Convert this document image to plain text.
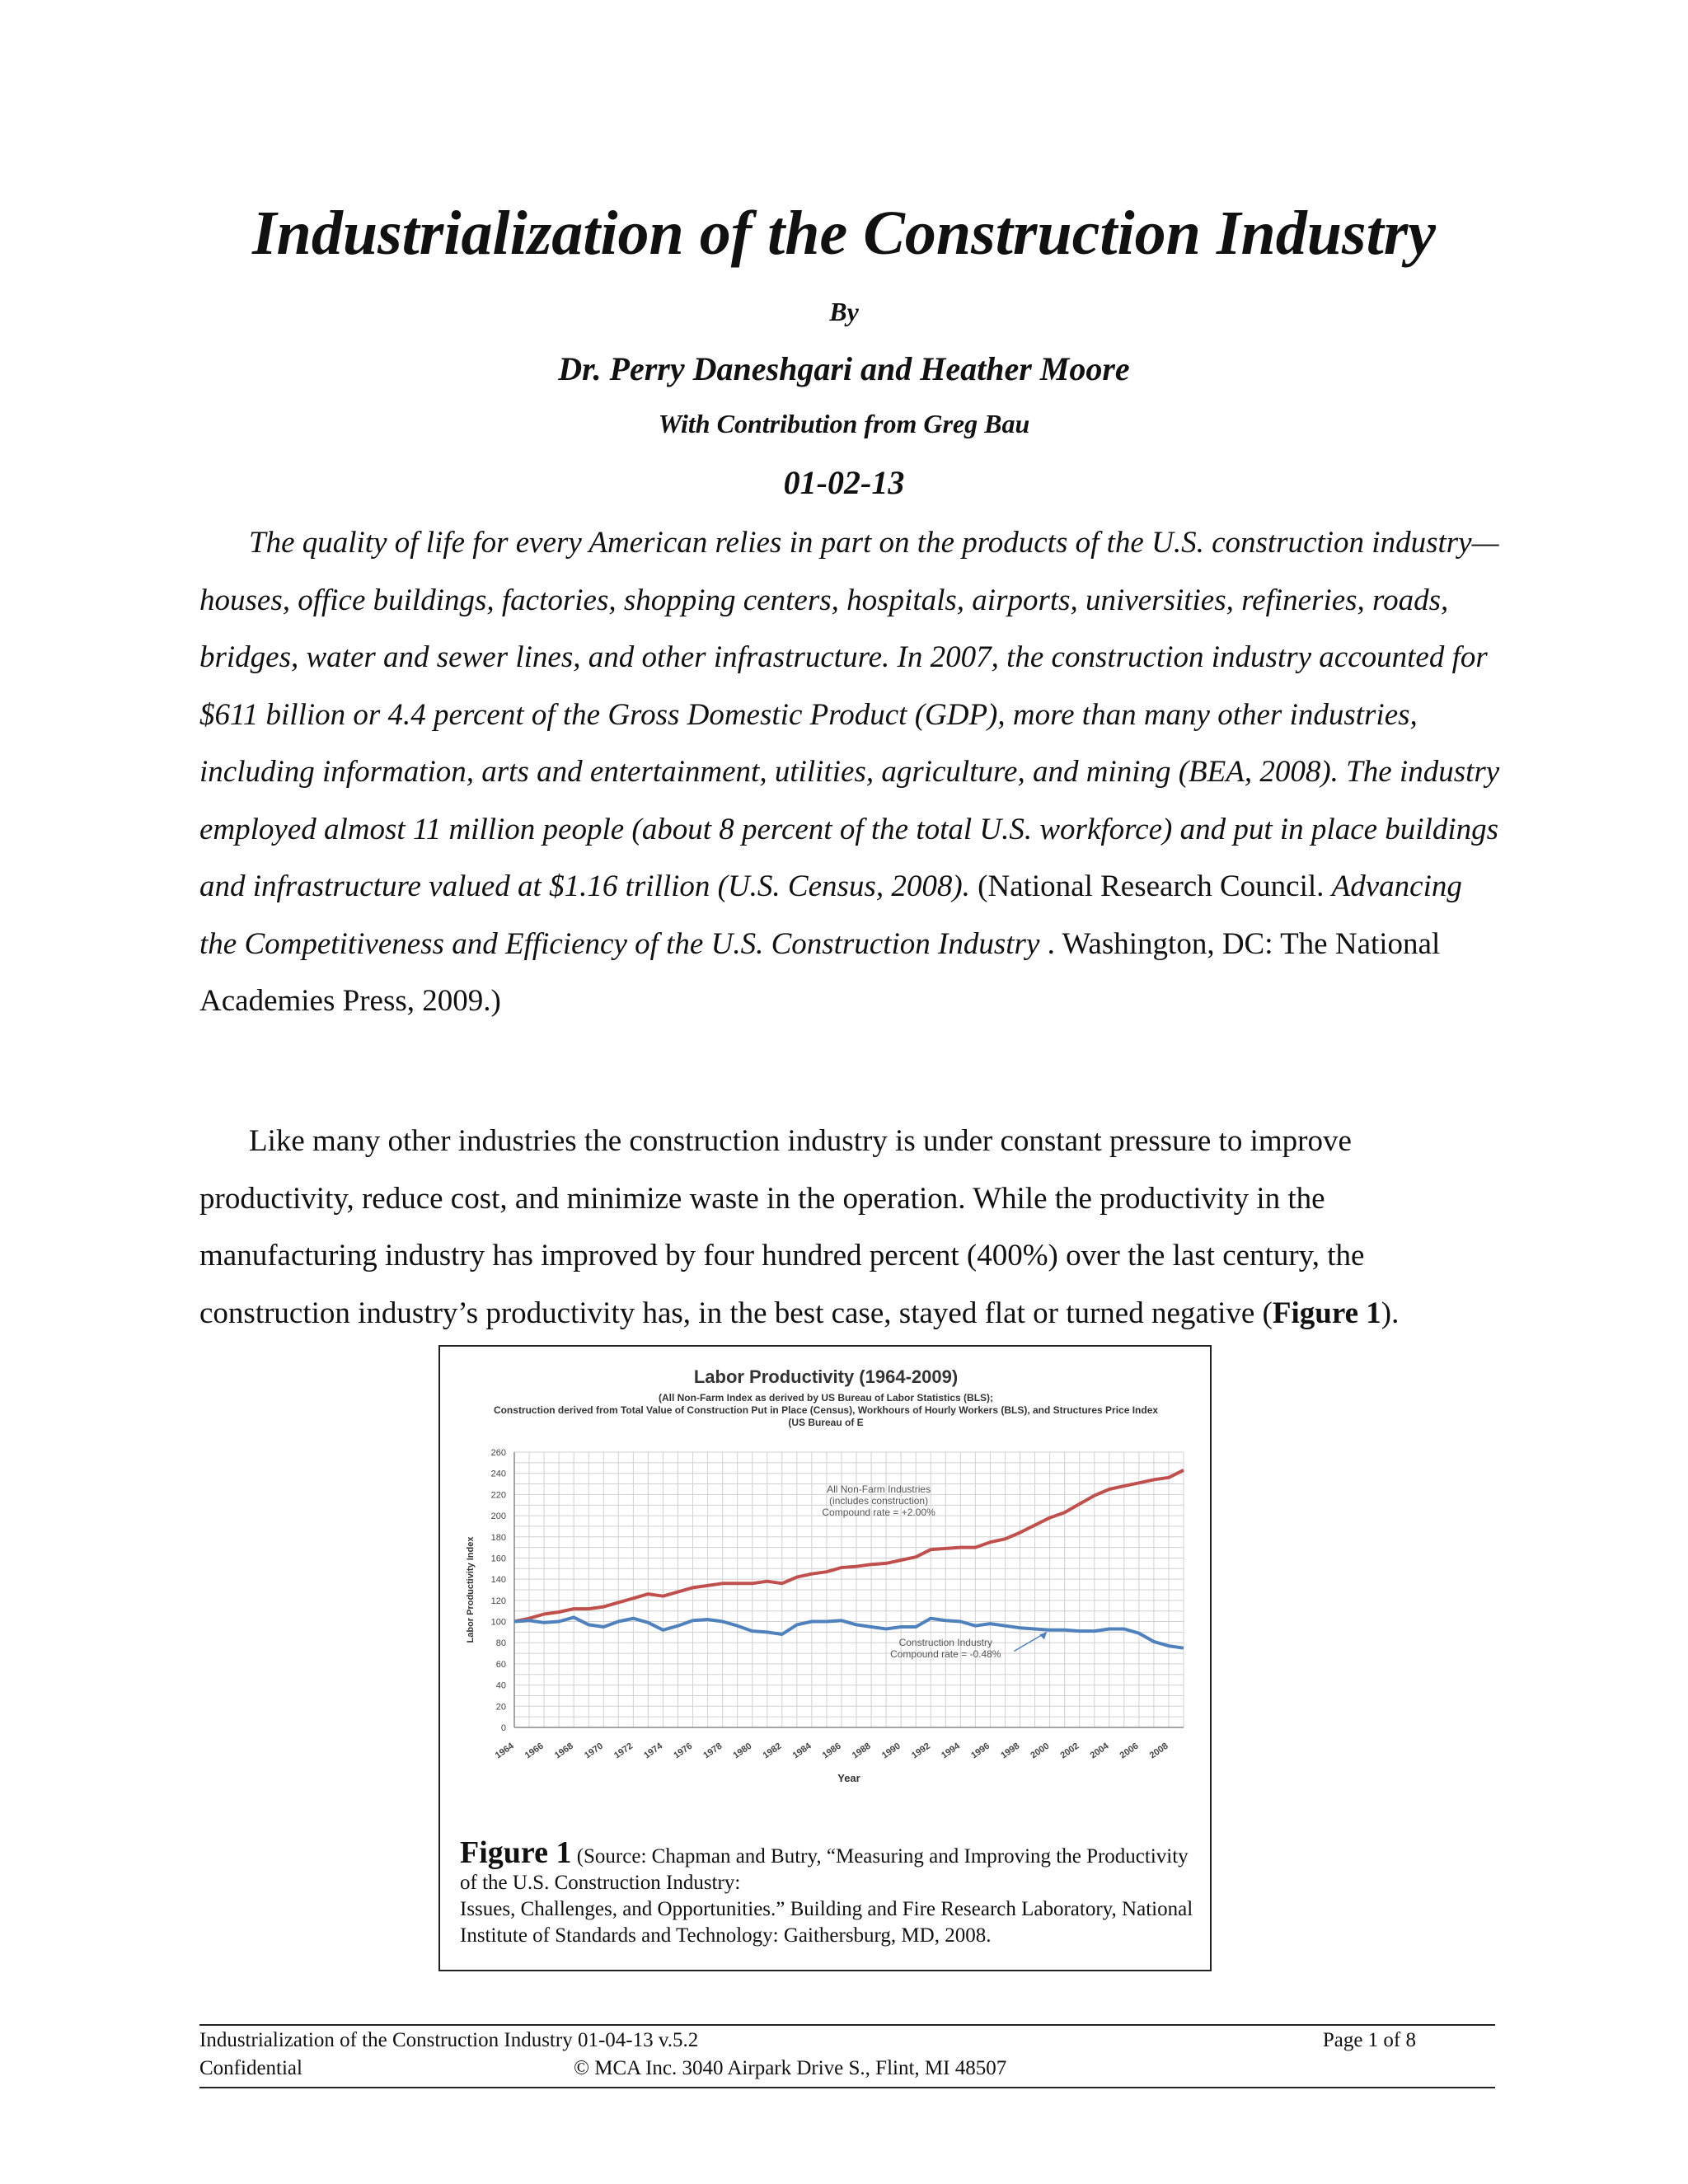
Industrialization of the Construction Industry
By
Dr. Perry Daneshgari and Heather Moore
With Contribution from Greg Bau
01-02-13

The quality of life for every American relies in part on the products of the U.S. construction industry—houses, office buildings, factories, shopping centers, hospitals, airports, universities, refineries, roads, bridges, water and sewer lines, and other infrastructure. In 2007, the construction industry accounted for $611 billion or 4.4 percent of the Gross Domestic Product (GDP), more than many other industries, including information, arts and entertainment, utilities, agriculture, and mining (BEA, 2008). The industry employed almost 11 million people (about 8 percent of the total U.S. workforce) and put in place buildings and infrastructure valued at $1.16 trillion (U.S. Census, 2008). (National Research Council. Advancing the Competitiveness and Efficiency of the U.S. Construction Industry . Washington, DC: The National Academies Press, 2009.)

Like many other industries the construction industry is under constant pressure to improve productivity, reduce cost, and minimize waste in the operation. While the productivity in the manufacturing industry has improved by four hundred percent (400%) over the last century, the construction industry’s productivity has, in the best case, stayed flat or turned negative (Figure 1).

Labor Productivity (1964-2009)
(All Non-Farm Index as derived by US Bureau of Labor Statistics (BLS);
Construction derived from Total Value of Construction Put in Place (Census), Workhours of Hourly Workers (BLS), and Structures Price Index
(US Bureau of E
0
20
40
60
80
100
120
140
160
180
200
220
240
260
1964 1966 1968 1970 1972 1974 1976 1978 1980 1982 1984 1986 1988 1990 1992 1994 1996 1998 2000 2002 2004 2006 2008
All Non-Farm Industries
(includes construction)
Compound rate = +2.00%
Construction Industry
Compound rate = -0.48%
Year
Labor Productivity Index
Figure 1 (Source: Chapman and Butry, “Measuring and Improving the Productivity of the U.S. Construction Industry:
Issues, Challenges, and Opportunities.” Building and Fire Research Laboratory, National Institute of Standards and Technology: Gaithersburg, MD, 2008.
Industrialization of the Construction Industry 01-04-13 v.5.2	Page 1 of 8
Confidential	© MCA Inc. 3040 Airpark Drive S., Flint, MI 48507
